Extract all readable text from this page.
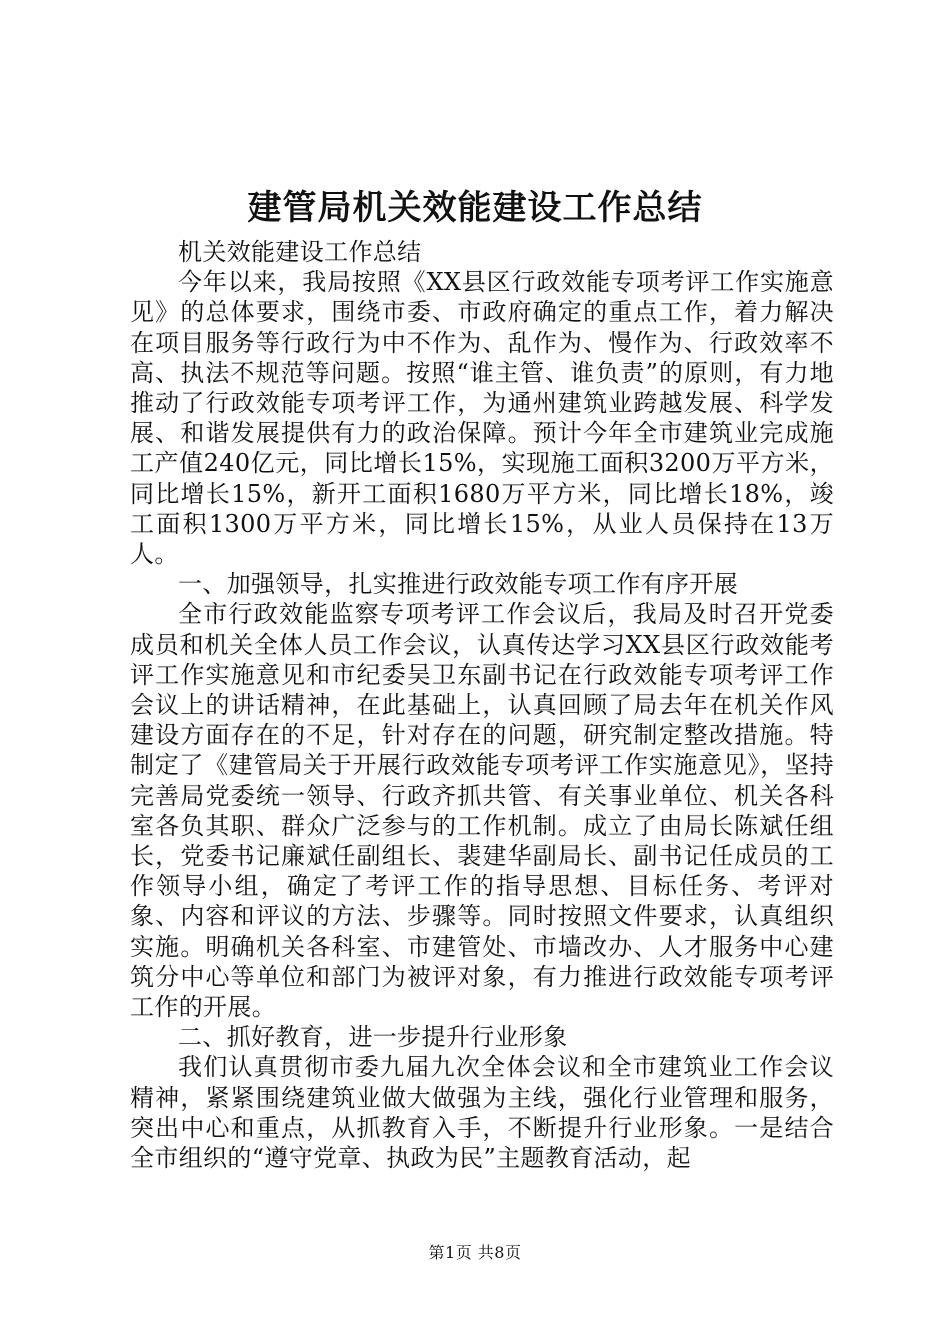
建管局机关效能建设工作总结

机关效能建设工作总结

今年以来，我局按照《XX县区行政效能专项考评工作实施意见》的总体要求，围绕市委、市政府确定的重点工作，着力解决在项目服务等行政行为中不作为、乱作为、慢作为、行政效率不高、执法不规范等问题。按照“谁主管、谁负责”的原则，有力地推动了行政效能专项考评工作，为通州建筑业跨越发展、科学发展、和谐发展提供有力的政治保障。预计今年全市建筑业完成施工产值240亿元，同比增长15%，实现施工面积3200万平方米，同比增长15%，新开工面积1680万平方米，同比增长18%，竣工面积1300万平方米，同比增长15%，从业人员保持在13万人。

一、加强领导，扎实推进行政效能专项工作有序开展

全市行政效能监察专项考评工作会议后，我局及时召开党委成员和机关全体人员工作会议，认真传达学习XX县区行政效能考评工作实施意见和市纪委吴卫东副书记在行政效能专项考评工作会议上的讲话精神，在此基础上，认真回顾了局去年在机关作风建设方面存在的不足，针对存在的问题，研究制定整改措施。特制定了《建管局关于开展行政效能专项考评工作实施意见》，坚持完善局党委统一领导、行政齐抓共管、有关事业单位、机关各科室各负其职、群众广泛参与的工作机制。成立了由局长陈斌任组长，党委书记廉斌任副组长、裴建华副局长、副书记任成员的工作领导小组，确定了考评工作的指导思想、目标任务、考评对象、内容和评议的方法、步骤等。同时按照文件要求，认真组织实施。明确机关各科室、市建管处、市墙改办、人才服务中心建筑分中心等单位和部门为被评对象，有力推进行政效能专项考评工作的开展。

二、抓好教育，进一步提升行业形象

我们认真贯彻市委九届九次全体会议和全市建筑业工作会议精神，紧紧围绕建筑业做大做强为主线，强化行业管理和服务，突出中心和重点，从抓教育入手，不断提升行业形象。一是结合全市组织的“遵守党章、执政为民”主题教育活动，起

第1页 共8页
